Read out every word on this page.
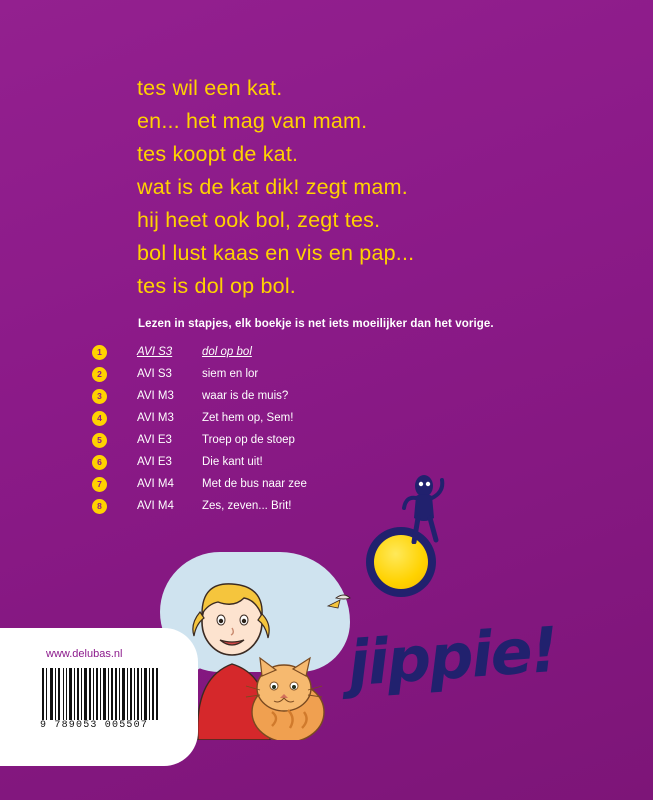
tes wil een kat.
en... het mag van mam.
tes koopt de kat.
wat is de kat dik! zegt mam.
hij heet ook bol, zegt tes.
bol lust kaas en vis en pap...
tes is dol op bol.
Lezen in stapjes, elk boekje is net iets moeilijker dan het vorige.
1	AVI S3	dol op bol
2	AVI S3	siem en lor
3	AVI M3	waar is de muis?
4	AVI M3	Zet hem op, Sem!
5	AVI E3	Troep op de stoep
6	AVI E3	Die kant uit!
7	AVI M4	Met de bus naar zee
8	AVI M4	Zes, zeven... Brit!
jippie!
www.delubas.nl
9 789053 005507
